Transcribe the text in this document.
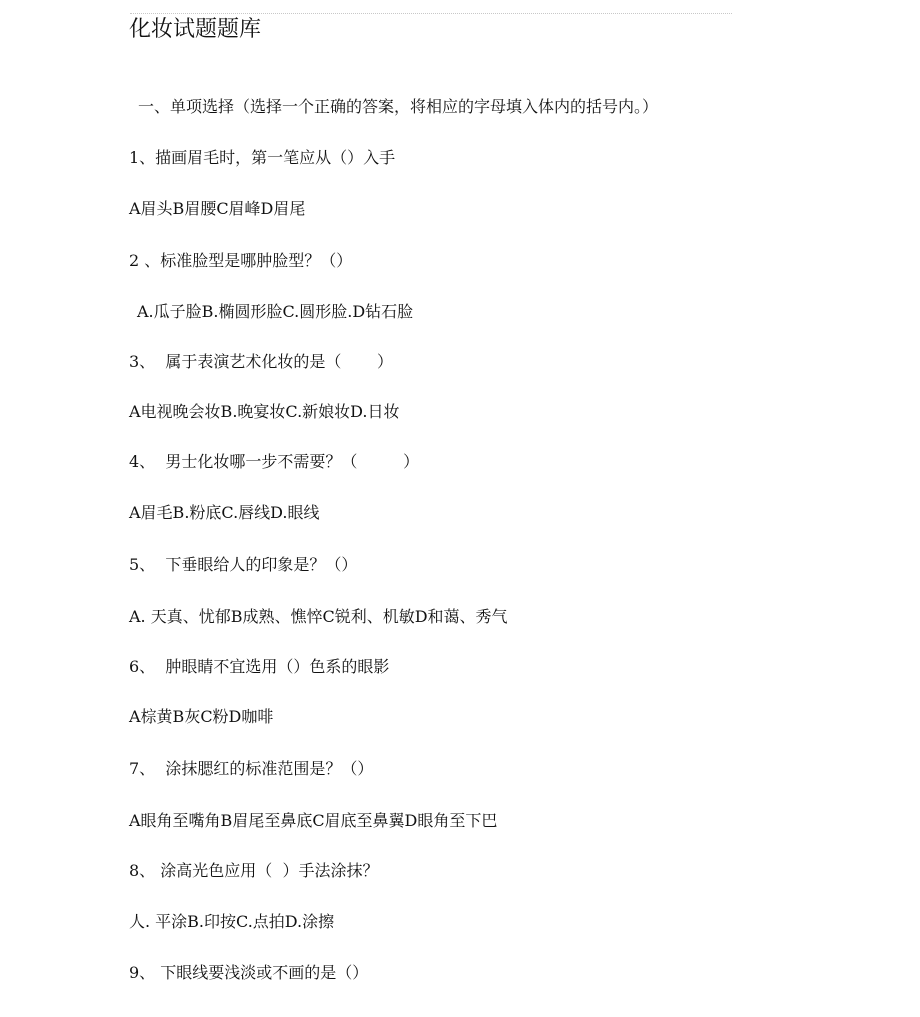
化妆试题题库
一、单项选择（选择一个正确的答案，将相应的字母填入体内的括号内。）
1、描画眉毛时，第一笔应从（）入手
A眉头B眉腰C眉峰D眉尾
2 、标准脸型是哪肿脸型？（）
A.瓜子脸B.椭圆形脸C.圆形脸.D钻石脸
3、  属于表演艺术化妆的是（       ）
A电视晚会妆B.晚宴妆C.新娘妆D.日妆
4、  男士化妆哪一步不需要？（         ）
A眉毛B.粉底C.唇线D.眼线
5、  下垂眼给人的印象是？（）
A. 天真、忧郁B成熟、憔悴C锐利、机敏D和蔼、秀气
6、  肿眼睛不宜选用（）色系的眼影
A棕黄B灰C粉D咖啡
7、  涂抹腮红的标准范围是？（）
A眼角至嘴角B眉尾至鼻底C眉底至鼻翼D眼角至下巴
8、 涂高光色应用（  ）手法涂抹？
人. 平涂B.印按C.点拍D.涂擦
9、 下眼线要浅淡或不画的是（）
